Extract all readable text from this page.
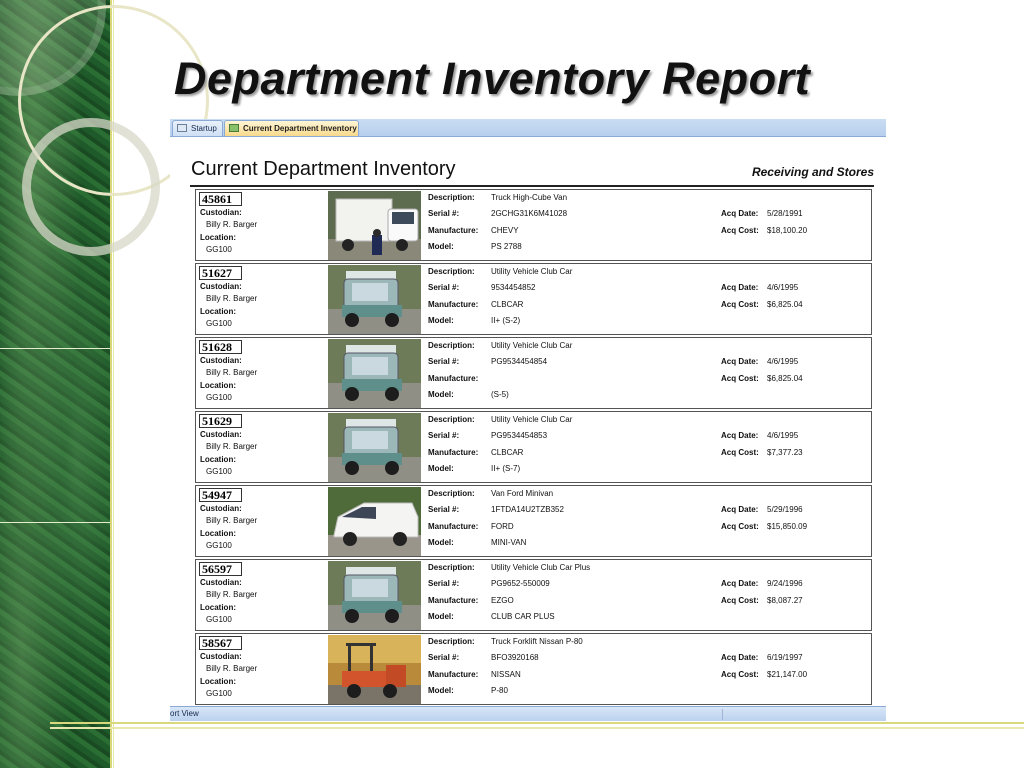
Department Inventory Report
Startup	Current Department Inventory
Current Department Inventory	Receiving and Stores
45861
Custodian:
Billy R. Barger
Location:
GG100
Description: Truck High-Cube Van
Serial #:	2GCHG31K6M41028
Manufacture: CHEVY
Model:	PS 2788
Acq Date: 5/28/1991
Acq Cost: $18,100.20
51627
Custodian:
Billy R. Barger
Location:
GG100
Description: Utility Vehicle Club Car
Serial #:	9534454852
Manufacture: CLBCAR
Model:	II+ (S-2)
Acq Date: 4/6/1995
Acq Cost: $6,825.04
51628
Custodian:
Billy R. Barger
Location:
GG100
Description: Utility Vehicle Club Car
Serial #:	PG9534454854
Manufacture:
Model:	(S-5)
Acq Date: 4/6/1995
Acq Cost: $6,825.04
51629
Custodian:
Billy R. Barger
Location:
GG100
Description: Utility Vehicle Club Car
Serial #:	PG9534454853
Manufacture: CLBCAR
Model:	II+ (S-7)
Acq Date: 4/6/1995
Acq Cost: $7,377.23
54947
Custodian:
Billy R. Barger
Location:
GG100
Description: Van Ford Minivan
Serial #:	1FTDA14U2TZB352
Manufacture: FORD
Model:	MINI-VAN
Acq Date: 5/29/1996
Acq Cost: $15,850.09
56597
Custodian:
Billy R. Barger
Location:
GG100
Description: Utility Vehicle Club Car Plus
Serial #:	PG9652-550009
Manufacture: EZGO
Model:	CLUB CAR PLUS
Acq Date: 9/24/1996
Acq Cost: $8,087.27
58567
Custodian:
Billy R. Barger
Location:
GG100
Description: Truck Forklift Nissan P-80
Serial #:	BFO3920168
Manufacture: NISSAN
Model:	P-80
Acq Date: 6/19/1997
Acq Cost: $21,147.00
ort View
